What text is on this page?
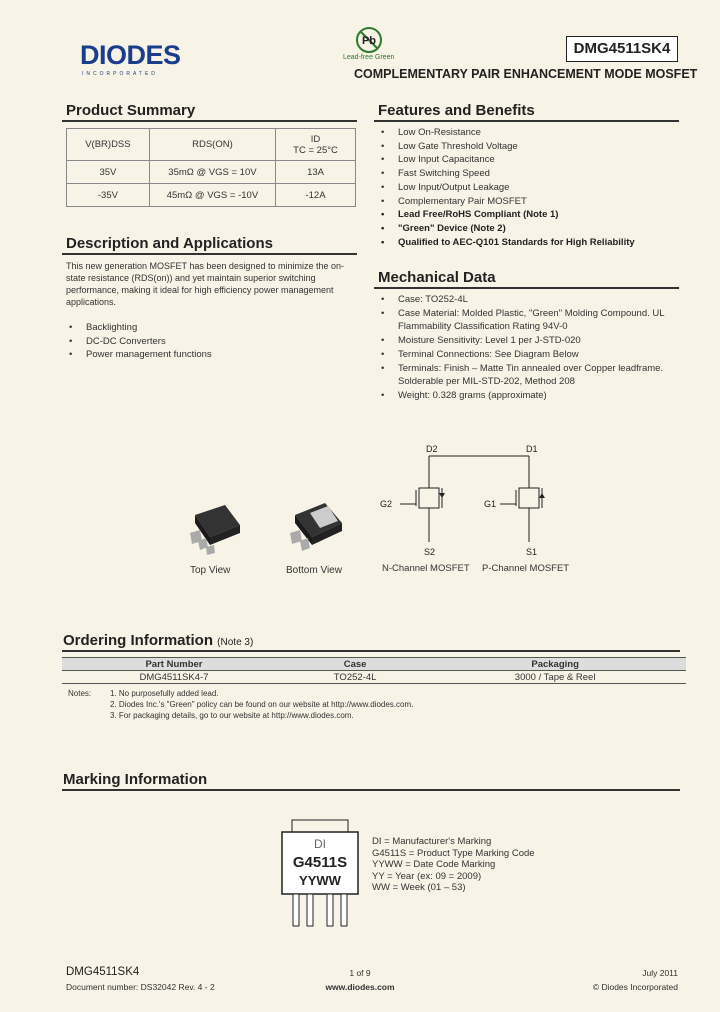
DIODES
INCORPORATED
Pb
Lead-free Green
DMG4511SK4
COMPLEMENTARY PAIR ENHANCEMENT MODE MOSFET
Product Summary
V(BR)DSS	RDS(ON)	ID
TC = 25°C

35V	35mΩ @ VGS = 10V	13A
-35V	45mΩ @ VGS = -10V	-12A
Description and Applications
This new generation MOSFET has been designed to minimize the on-
state resistance (RDS(on)) and yet maintain superior switching
performance, making it ideal for high efficiency power management
applications.
• Backlighting
• DC-DC Converters
• Power management functions
Features and Benefits
• Low On-Resistance
• Low Gate Threshold Voltage
• Low Input Capacitance
• Fast Switching Speed
• Low Input/Output Leakage
• Complementary Pair MOSFET
• Lead Free/RoHS Compliant (Note 1)
• "Green" Device (Note 2)
• Qualified to AEC-Q101 Standards for High Reliability
Mechanical Data
• Case: TO252-4L
• Case Material: Molded Plastic, "Green" Molding Compound. UL Flammability Classification Rating 94V-0
• Moisture Sensitivity: Level 1 per J-STD-020
• Terminal Connections: See Diagram Below
• Terminals: Finish – Matte Tin annealed over Copper leadframe. Solderable per MIL-STD-202, Method 208
• Weight: 0.328 grams (approximate)
Top View	Bottom View
D2	D1
G2	G1
S2	S1
N-Channel MOSFET P-Channel MOSFET
Ordering Information (Note 3)
Part Number	Case	Packaging
DMG4511SK4-7	TO252-4L	3000 / Tape & Reel
Notes: 1. No purposefully added lead.
2. Diodes Inc.'s "Green" policy can be found on our website at http://www.diodes.com.
3. For packaging details, go to our website at http://www.diodes.com.
Marking Information
DI
G4511S
YYWW
DI = Manufacturer's Marking
G4511S = Product Type Marking Code
YYWW = Date Code Marking
YY = Year (ex: 09 = 2009)
WW = Week (01 – 53)
DMG4511SK4
Document number: DS32042 Rev. 4 - 2
1 of 9
www.diodes.com
July 2011
© Diodes Incorporated
